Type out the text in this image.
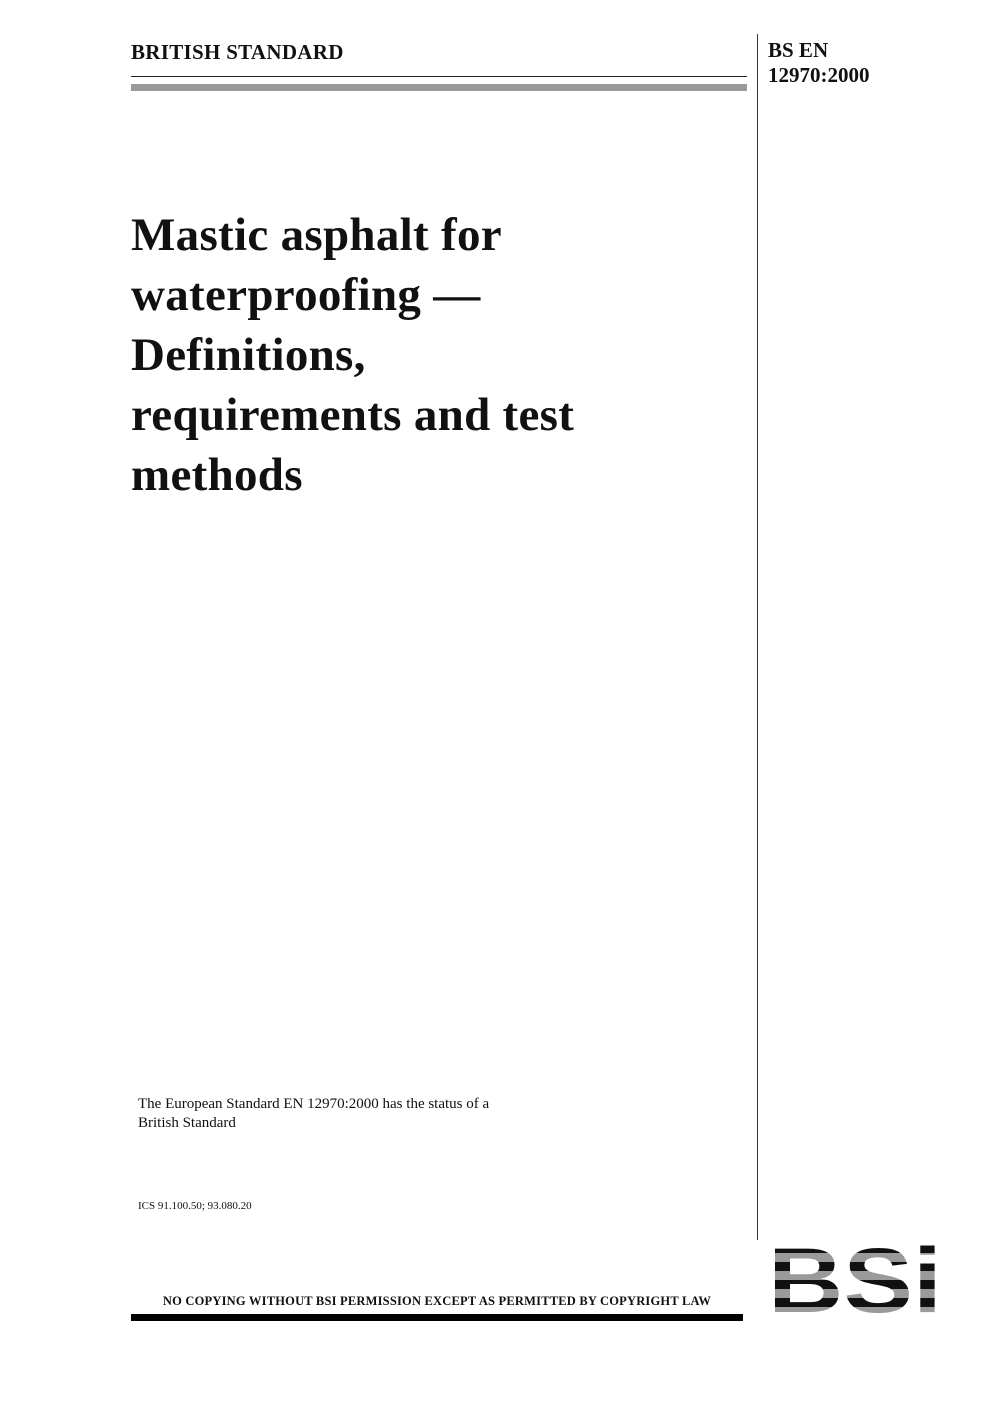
BRITISH STANDARD	BS EN
12970:2000
Mastic asphalt for
waterproofing —
Definitions,
requirements and test
methods
The European Standard EN 12970:2000 has the status of a
British Standard
ICS 91.100.50; 93.080.20
NO COPYING WITHOUT BSI PERMISSION EXCEPT AS PERMITTED BY COPYRIGHT LAW
